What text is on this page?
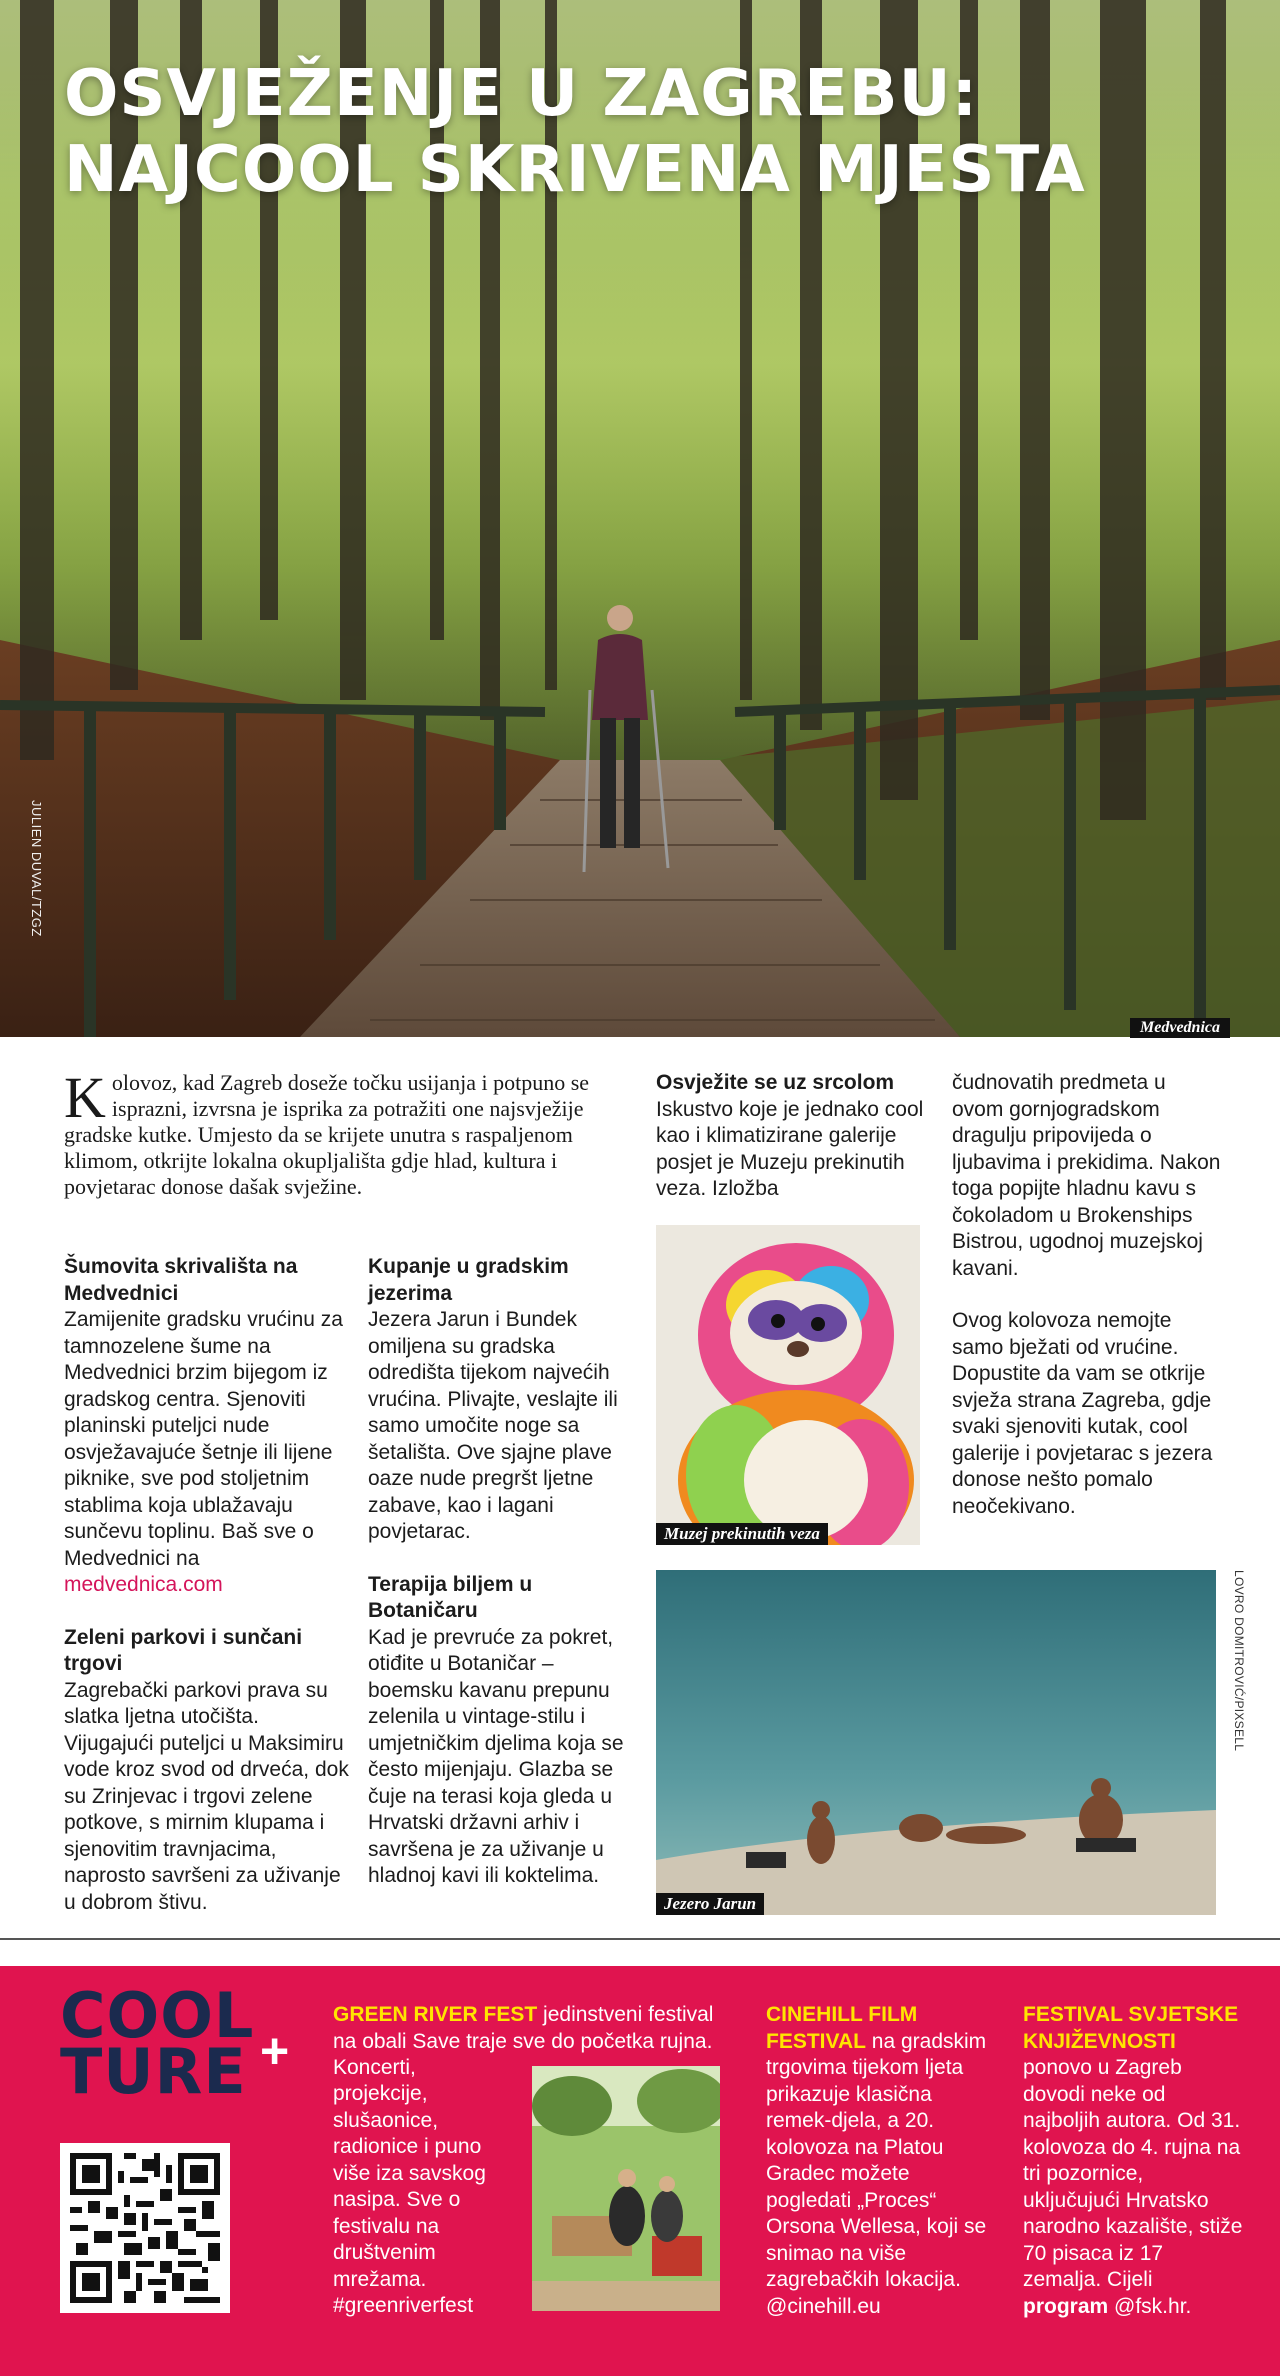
OSVJEŽENJE U ZAGREBU:
NAJCOOL SKRIVENA MJESTA
JULIEN DUVAL/TZGZ
Medvednica
Kolovoz, kad Zagreb doseže točku usijanja i potpuno se isprazni, izvrsna je isprika za potražiti one najsvježije gradske kutke. Umjesto da se krijete unutra s raspaljenom klimom, otkrijte lokalna okupljališta gdje hlad, kultura i povjetarac donose dašak svježine.

Šumovita skrivališta na Medvednici

Zamijenite gradsku vrućinu za tamnozelene šume na Medvednici brzim bijegom iz gradskog centra. Sjenoviti planinski puteljci nude osvježavajuće šetnje ili lijene piknike, sve pod stoljetnim stablima koja ublažavaju sunčevu toplinu. Baš sve o Medvednici na
medvednica.com

Zeleni parkovi i sunčani trgovi

Zagrebački parkovi prava su slatka ljetna utočišta. Vijugajući puteljci u Maksimiru vode kroz svod od drveća, dok su Zrinjevac i trgovi zelene potkove, s mirnim klupama i sjenovitim travnjacima, naprosto savršeni za uživanje u dobrom štivu.

Kupanje u gradskim jezerima

Jezera Jarun i Bundek omiljena su gradska odredišta tijekom najvećih vrućina. Plivajte, veslajte ili samo umočite noge sa šetališta. Ove sjajne plave oaze nude pregršt ljetne zabave, kao i lagani povjetarac.

Terapija biljem u Botaničaru

Kad je prevruće za pokret, otiđite u Botaničar – boemsku kavanu prepunu zelenila u vintage-stilu i umjetničkim djelima koja se često mijenjaju. Glazba se čuje na terasi koja gleda u Hrvatski državni arhiv i savršena je za uživanje u hladnoj kavi ili koktelima.

Osvježite se uz srcolom

Iskustvo koje je jednako cool kao i klimatizirane galerije posjet je Muzeju prekinutih veza. Izložba

Muzej prekinutih veza

čudnovatih predmeta u ovom gornjogradskom dragulju pripovijeda o ljubavima i prekidima. Nakon toga popijte hladnu kavu s čokoladom u Brokenships Bistrou, ugodnoj muzejskoj kavani.

Ovog kolovoza nemojte samo bježati od vrućine. Dopustite da vam se otkrije svježa strana Zagreba, gdje svaki sjenoviti kutak, cool galerije i povjetarac s jezera donose nešto pomalo neočekivano.

Jezero Jarun
LOVRO DOMITROVIĆ/PIXSELL
COOL
TURE +
GREEN RIVER FEST jedinstveni festival na obali Save traje sve do početka rujna. Koncerti,
projekcije, slušaonice, radionice i puno više iza savskog nasipa. Sve o festivalu na društvenim mrežama.
#greenriverfest
CINEHILL FILM FESTIVAL na gradskim trgovima tijekom ljeta prikazuje klasična remek-djela, a 20. kolovoza na Platou Gradec možete pogledati „Proces“ Orsona Wellesa, koji se snimao na više zagrebačkih lokacija.
@cinehill.eu
FESTIVAL SVJETSKE KNJIŽEVNOSTI
ponovo u Zagreb dovodi neke od najboljih autora. Od 31. kolovoza do 4. rujna na tri pozornice, uključujući Hrvatsko narodno kazalište, stiže 70 pisaca iz 17 zemalja. Cijeli program @fsk.hr.
